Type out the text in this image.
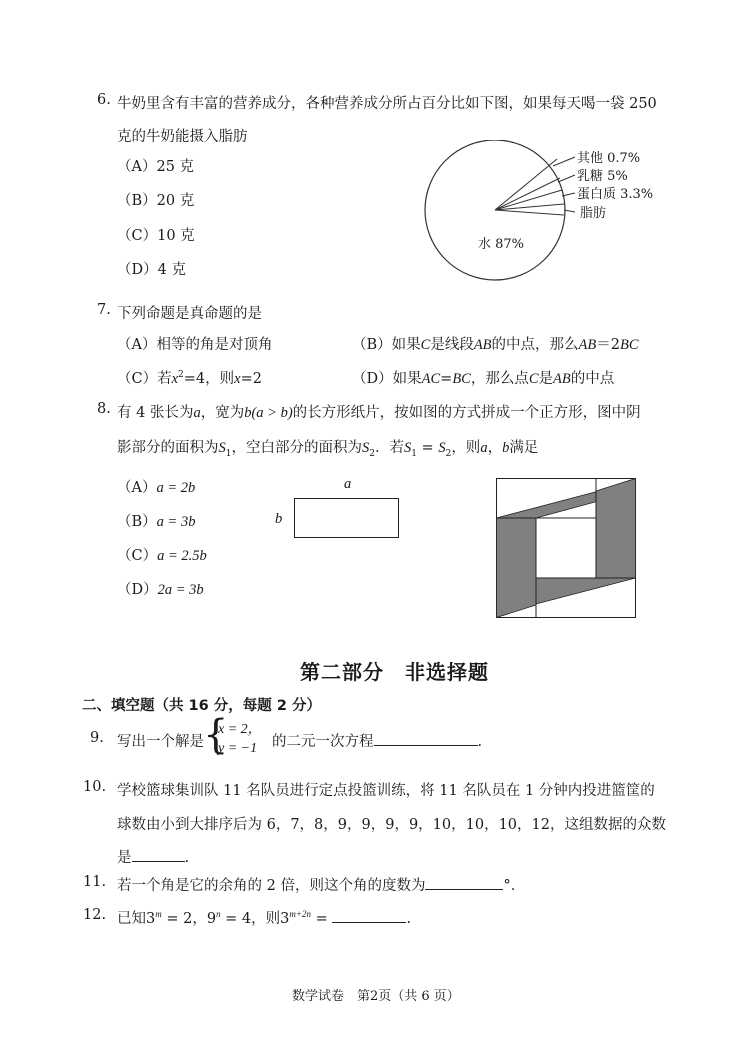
6. 牛奶里含有丰富的营养成分，各种营养成分所占百分比如下图，如果每天喝一袋 250
克的牛奶能摄入脂肪
（A）25 克
（B）20 克
（C）10 克
（D）4 克
其他 0.7%
乳糖 5%
蛋白质 3.3%
脂肪
水 87%
7. 下列命题是真命题的是
（A）相等的角是对顶角	（B）如果C是线段AB的中点，那么AB＝2BC
（C）若$x^2=4$，则x=2	（D）如果AC=BC，那么点C是AB的中点
8. 有 4 张长为a，宽为b(a > b)的长方形纸片，按如图的方式拼成一个正方形，图中阴
影部分的面积为$S_1$，空白部分的面积为$S_2$．若$S_1 = S_2$，则a，b满足
（A）a = 2b
（B）a = 3b
（C）a = 2.5b
（D）2a = 3b
a
b
第二部分　非选择题
二、填空题（共 16 分，每题 2 分）
9. 写出一个解是 {
x = 2，
y = −1 的二元一次方程	.
10. 学校篮球集训队 11 名队员进行定点投篮训练，将 11 名队员在 1 分钟内投进篮筐的
球数由小到大排序后为 6，7，8，9，9，9，9，10，10，10，12，这组数据的众数
是	.
11. 若一个角是它的余角的 2 倍，则这个角的度数为	°．
12. 已知$3^m = 2$，$9^n = 4$，则$3^{m+2n}$ =	.
数学试卷　第2页（共 6 页）
